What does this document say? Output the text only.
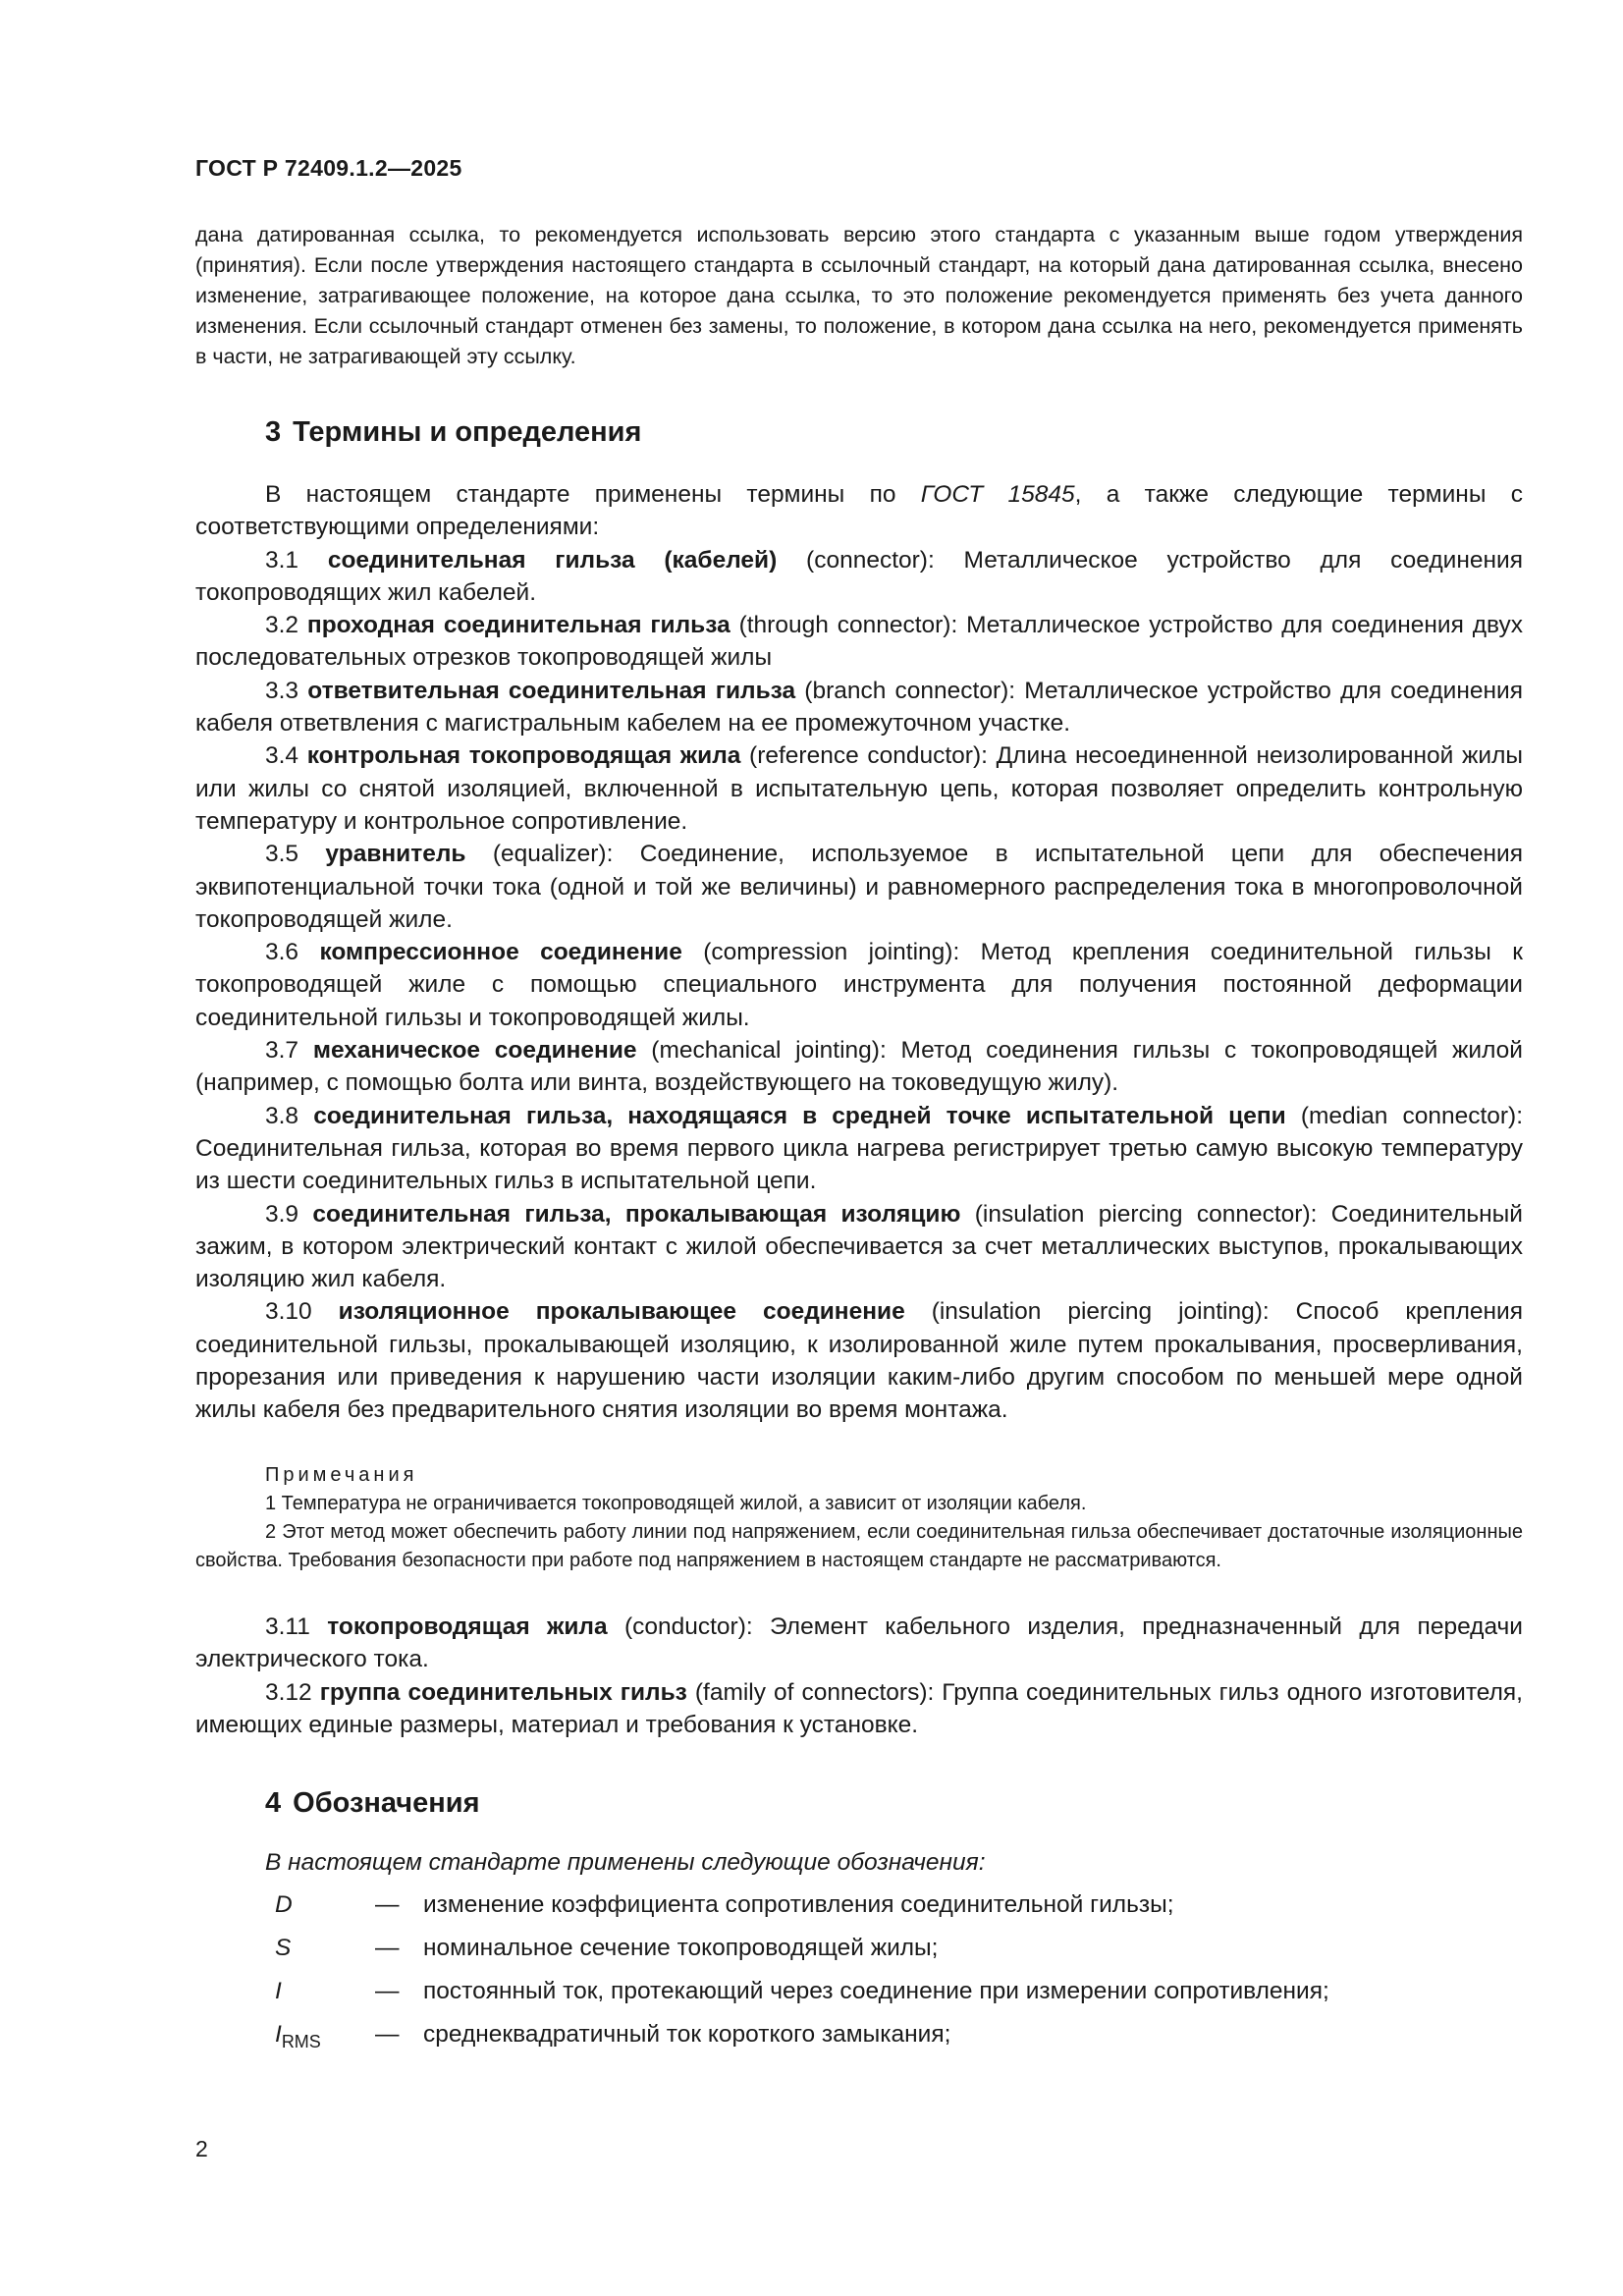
ГОСТ Р 72409.1.2—2025
дана датированная ссылка, то рекомендуется использовать версию этого стандарта с указанным выше годом утверждения (принятия). Если после утверждения настоящего стандарта в ссылочный стандарт, на который дана датированная ссылка, внесено изменение, затрагивающее положение, на которое дана ссылка, то это положение рекомендуется применять без учета данного изменения. Если ссылочный стандарт отменен без замены, то положение, в котором дана ссылка на него, рекомендуется применять в части, не затрагивающей эту ссылку.
3 Термины и определения

В настоящем стандарте применены термины по ГОСТ 15845, а также следующие термины с соответствующими определениями:

3.1 соединительная гильза (кабелей) (connector): Металлическое устройство для соединения токопроводящих жил кабелей.

3.2 проходная соединительная гильза (through connector): Металлическое устройство для соединения двух последовательных отрезков токопроводящей жилы

3.3 ответвительная соединительная гильза (branch connector): Металлическое устройство для соединения кабеля ответвления с магистральным кабелем на ее промежуточном участке.

3.4 контрольная токопроводящая жила (reference conductor): Длина несоединенной неизолированной жилы или жилы со снятой изоляцией, включенной в испытательную цепь, которая позволяет определить контрольную температуру и контрольное сопротивление.

3.5 уравнитель (equalizer): Соединение, используемое в испытательной цепи для обеспечения эквипотенциальной точки тока (одной и той же величины) и равномерного распределения тока в многопроволочной токопроводящей жиле.

3.6 компрессионное соединение (compression jointing): Метод крепления соединительной гильзы к токопроводящей жиле с помощью специального инструмента для получения постоянной деформации соединительной гильзы и токопроводящей жилы.

3.7 механическое соединение (mechanical jointing): Метод соединения гильзы с токопроводящей жилой (например, с помощью болта или винта, воздействующего на токоведущую жилу).

3.8 соединительная гильза, находящаяся в средней точке испытательной цепи (median connector): Соединительная гильза, которая во время первого цикла нагрева регистрирует третью самую высокую температуру из шести соединительных гильз в испытательной цепи.

3.9 соединительная гильза, прокалывающая изоляцию (insulation piercing connector): Соединительный зажим, в котором электрический контакт с жилой обеспечивается за счет металлических выступов, прокалывающих изоляцию жил кабеля.

3.10 изоляционное прокалывающее соединение (insulation piercing jointing): Способ крепления соединительной гильзы, прокалывающей изоляцию, к изолированной жиле путем прокалывания, просверливания, прорезания или приведения к нарушению части изоляции каким-либо другим способом по меньшей мере одной жилы кабеля без предварительного снятия изоляции во время монтажа.

Примечания

1 Температура не ограничивается токопроводящей жилой, а зависит от изоляции кабеля.

2 Этот метод может обеспечить работу линии под напряжением, если соединительная гильза обеспечивает достаточные изоляционные свойства. Требования безопасности при работе под напряжением в настоящем стандарте не рассматриваются.

3.11 токопроводящая жила (conductor): Элемент кабельного изделия, предназначенный для передачи электрического тока.

3.12 группа соединительных гильз (family of connectors): Группа соединительных гильз одного изготовителя, имеющих единые размеры, материал и требования к установке.

4 Обозначения
В настоящем стандарте применены следующие обозначения:
D	— изменение коэффициента сопротивления соединительной гильзы;
S	— номинальное сечение токопроводящей жилы;
I	— постоянный ток, протекающий через соединение при измерении сопротивления;
$I_{RMS}$ — среднеквадратичный ток короткого замыкания;
2
